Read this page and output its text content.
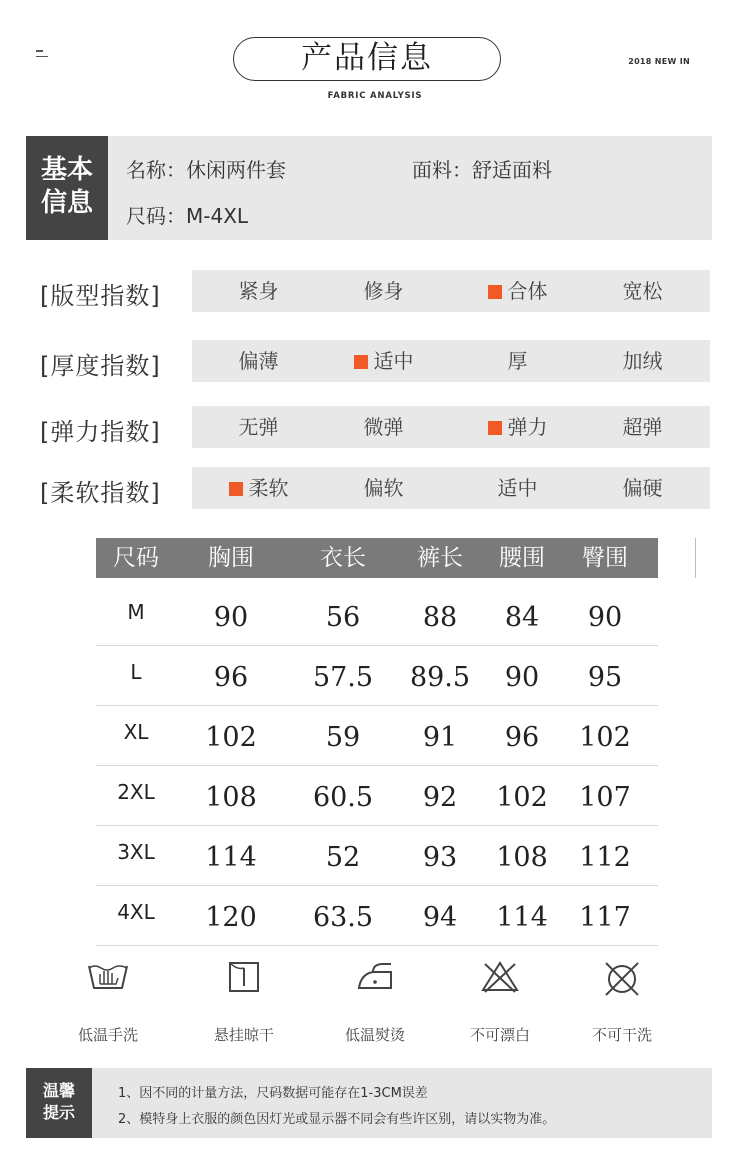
产品信息	2018 NEW IN
FABRIC ANALYSIS
基本
信息
名称：休闲两件套	面料：舒适面料
尺码：M-4XL
[版型指数]	紧身	修身	合体	宽松
[厚度指数]	偏薄	适中	厚	加绒
[弹力指数]	无弹	微弹	弹力	超弹
[柔软指数]	柔软	偏软	适中	偏硬
尺码	胸围	衣长	裤长	腰围	臀围
M	90	56	88	84	90
L	96	57.5	89.5	90	95
XL	102	59	91	96	102
2XL	108	60.5	92	102	107
3XL	114	52	93	108	112
4XL	120	63.5	94	114	117
低温手洗	悬挂晾干	低温熨烫	不可漂白	不可干洗
温馨
提示
1、因不同的计量方法，尺码数据可能存在1-3CM误差
2、模特身上衣服的颜色因灯光或显示器不同会有些许区别，请以实物为准。
